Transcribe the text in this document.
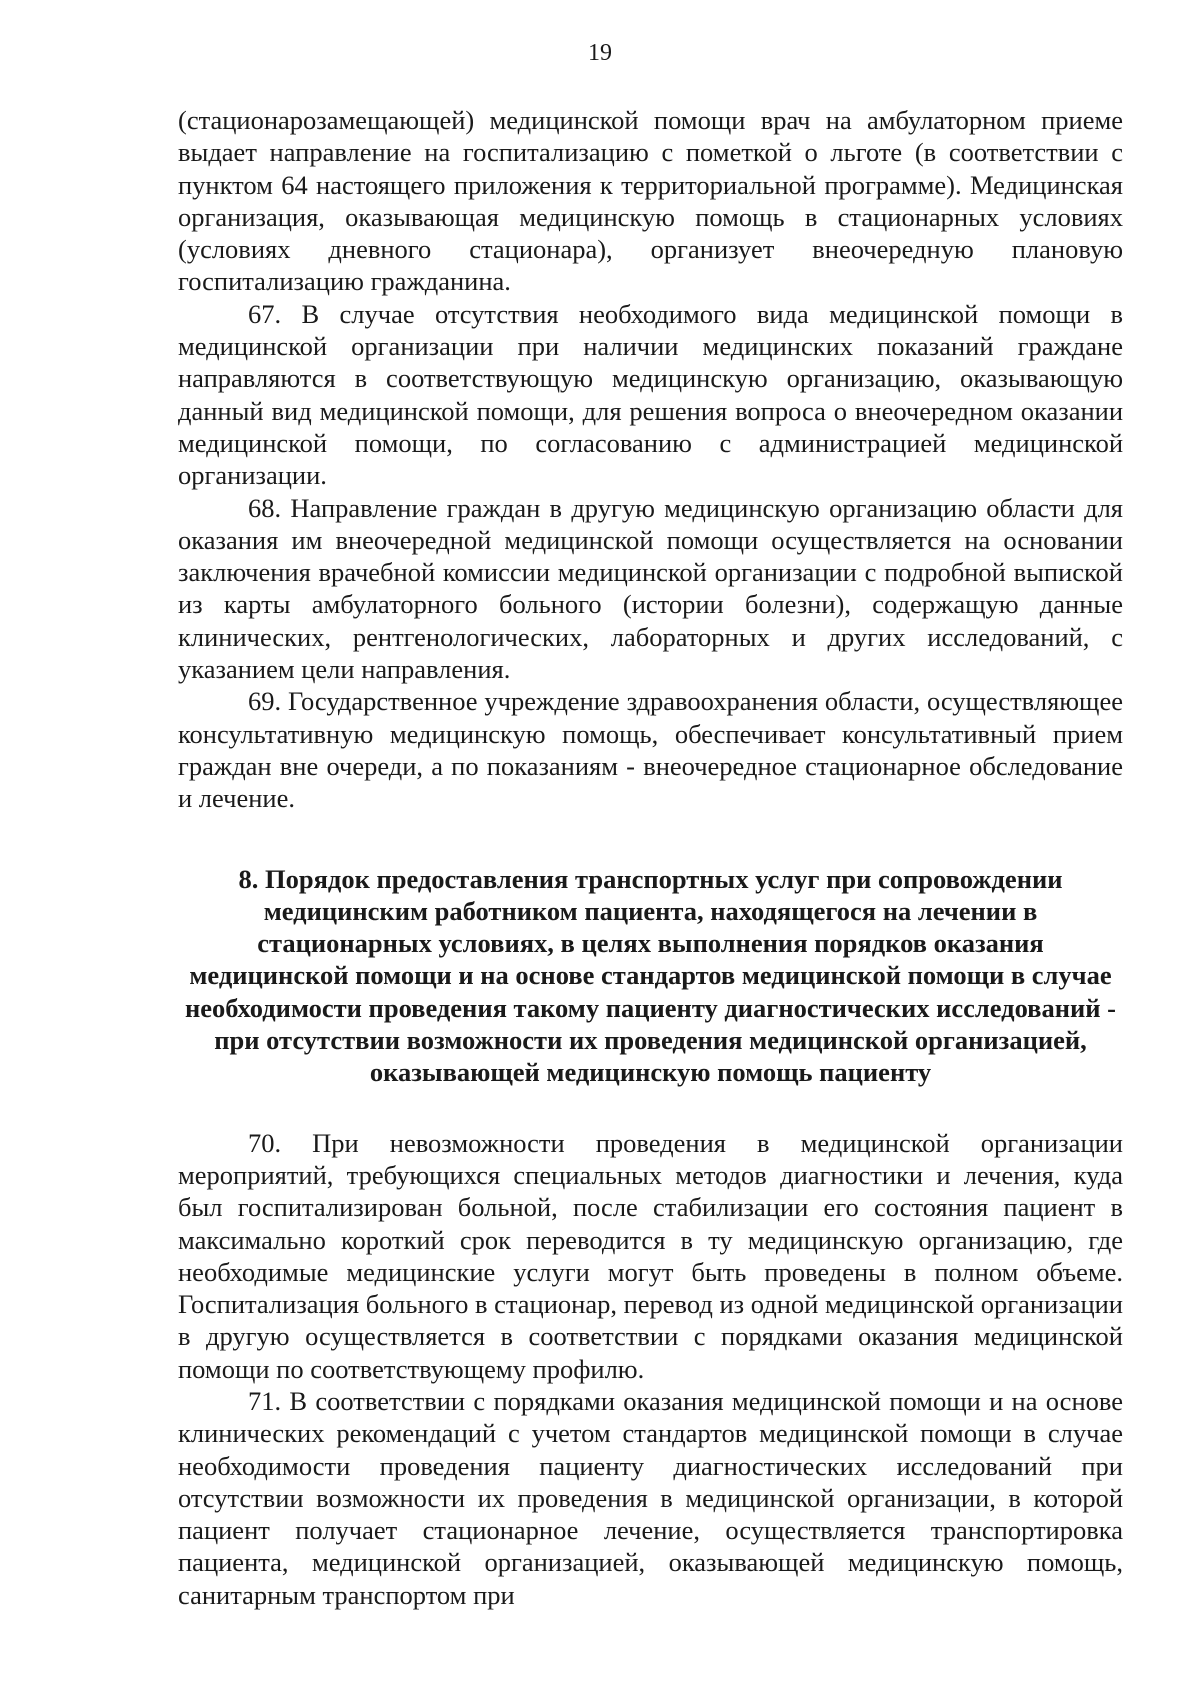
19

(стационарозамещающей) медицинской помощи врач на амбулаторном приеме выдает направление на госпитализацию с пометкой о льготе (в соответствии с пунктом 64 настоящего приложения к территориальной программе). Медицинская организация, оказывающая медицинскую помощь в стационарных условиях (условиях дневного стационара), организует внеочередную плановую госпитализацию гражданина.

67. В случае отсутствия необходимого вида медицинской помощи в медицинской организации при наличии медицинских показаний граждане направляются в соответствующую медицинскую организацию, оказывающую данный вид медицинской помощи, для решения вопроса о внеочередном оказании медицинской помощи, по согласованию с администрацией медицинской организации.

68. Направление граждан в другую медицинскую организацию области для оказания им внеочередной медицинской помощи осуществляется на основании заключения врачебной комиссии медицинской организации с подробной выпиской из карты амбулаторного больного (истории болезни), содержащую данные клинических, рентгенологических, лабораторных и других исследований, с указанием цели направления.

69. Государственное учреждение здравоохранения области, осуществляющее консультативную медицинскую помощь, обеспечивает консультативный прием граждан вне очереди, а по показаниям - внеочередное стационарное обследование и лечение.

8. Порядок предоставления транспортных услуг при сопровождении медицинским работником пациента, находящегося на лечении в стационарных условиях, в целях выполнения порядков оказания медицинской помощи и на основе стандартов медицинской помощи в случае необходимости проведения такому пациенту диагностических исследований - при отсутствии возможности их проведения медицинской организацией, оказывающей медицинскую помощь пациенту

70. При невозможности проведения в медицинской организации мероприятий, требующихся специальных методов диагностики и лечения, куда был госпитализирован больной, после стабилизации его состояния пациент в максимально короткий срок переводится в ту медицинскую организацию, где необходимые медицинские услуги могут быть проведены в полном объеме. Госпитализация больного в стационар, перевод из одной медицинской организации в другую осуществляется в соответствии с порядками оказания медицинской помощи по соответствующему профилю.

71. В соответствии с порядками оказания медицинской помощи и на основе клинических рекомендаций с учетом стандартов медицинской помощи в случае необходимости проведения пациенту диагностических исследований при отсутствии возможности их проведения в медицинской организации, в которой пациент получает стационарное лечение, осуществляется транспортировка пациента, медицинской организацией, оказывающей медицинскую помощь, санитарным транспортом при
